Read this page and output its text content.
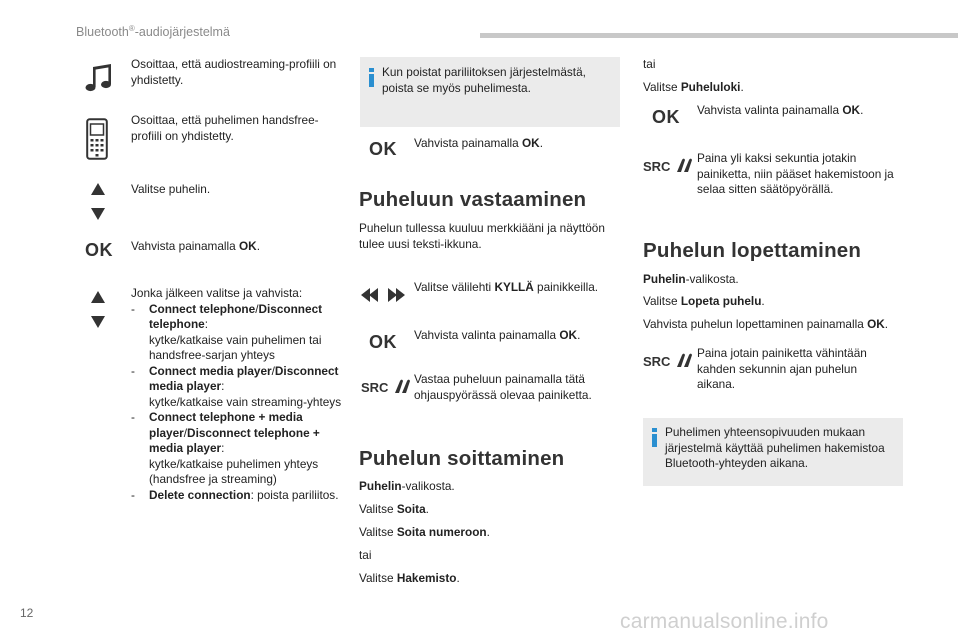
Bluetooth®-audiojärjestelmä
Osoittaa, että audiostreaming-profiili on yhdistetty.
Osoittaa, että puhelimen handsfree-profiili on yhdistetty.
Valitse puhelin.
OK Vahvista painamalla OK.
Jonka jälkeen valitse ja vahvista:
- Connect telephone/Disconnect telephone:
kytke/katkaise vain puhelimen tai handsfree-sarjan yhteys
- Connect media player/Disconnect media player:
kytke/katkaise vain streaming-yhteys
- Connect telephone + media player/Disconnect telephone + media player:
kytke/katkaise puhelimen yhteys (handsfree ja streaming)
- Delete connection: poista pariliitos.
Kun poistat pariliitoksen järjestelmästä, poista se myös puhelimesta.
OK Vahvista painamalla OK.
Puheluun vastaaminen
Puhelun tullessa kuuluu merkkiääni ja näyttöön tulee uusi teksti-ikkuna.
Valitse välilehti KYLLÄ painikkeilla.
OK Vahvista valinta painamalla OK.
SRC
Vastaa puheluun painamalla tätä ohjauspyörässä olevaa painiketta.
Puhelun soittaminen
Puhelin-valikosta.
Valitse Soita.
Valitse Soita numeroon.
tai
Valitse Hakemisto.
tai
Valitse Puheluloki.
OK Vahvista valinta painamalla OK.
SRC
Paina yli kaksi sekuntia jotakin painiketta, niin pääset hakemistoon ja selaa sitten säätöpyörällä.
Puhelun lopettaminen
Puhelin-valikosta.
Valitse Lopeta puhelu.
Vahvista puhelun lopettaminen painamalla OK.
SRC
Paina jotain painiketta vähintään kahden sekunnin ajan puhelun aikana.
Puhelimen yhteensopivuuden mukaan järjestelmä käyttää puhelimen hakemistoa Bluetooth-yhteyden aikana.
12	carmanualsonline.info
